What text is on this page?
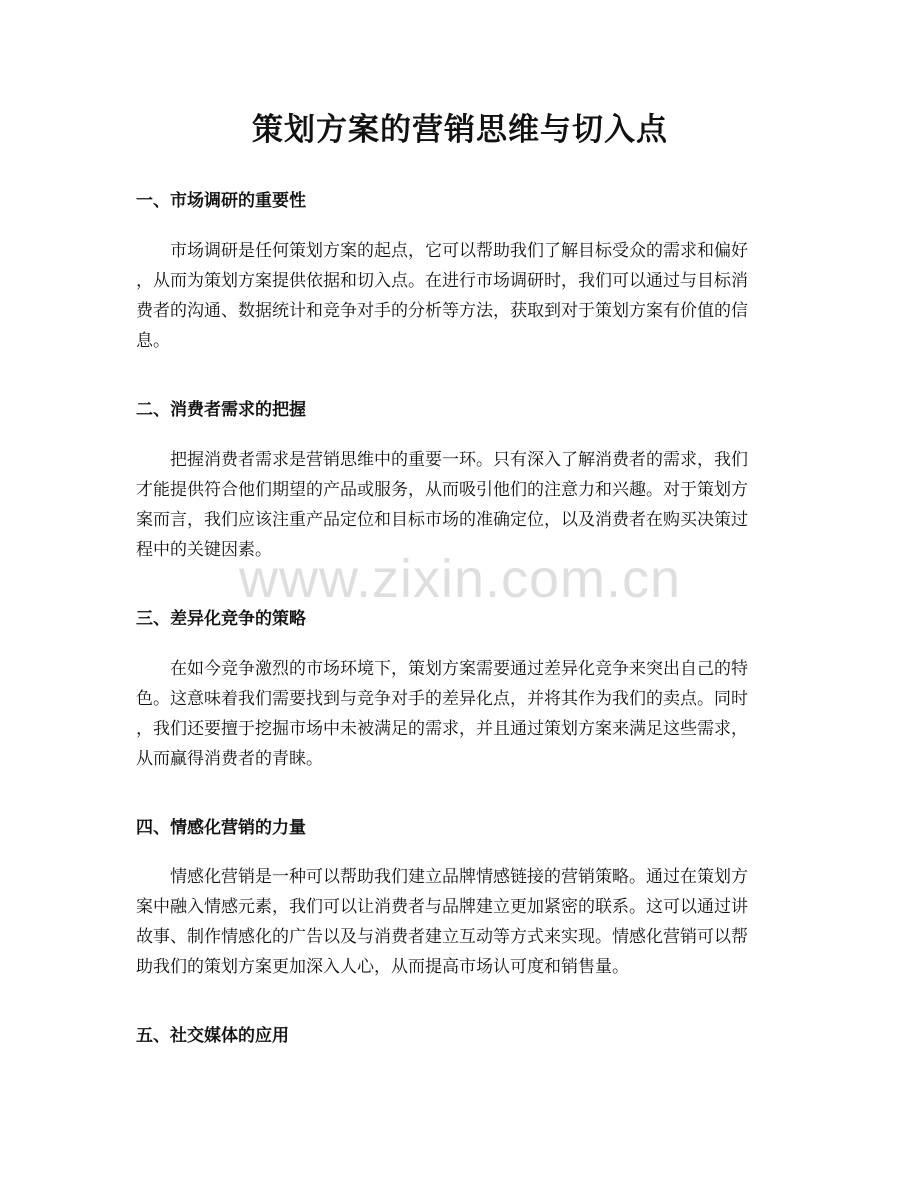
策划方案的营销思维与切入点
一、市场调研的重要性
市场调研是任何策划方案的起点，它可以帮助我们了解目标受众的需求和偏好
，从而为策划方案提供依据和切入点。在进行市场调研时，我们可以通过与目标消
费者的沟通、数据统计和竞争对手的分析等方法，获取到对于策划方案有价值的信
息。
二、消费者需求的把握
把握消费者需求是营销思维中的重要一环。只有深入了解消费者的需求，我们
才能提供符合他们期望的产品或服务，从而吸引他们的注意力和兴趣。对于策划方
案而言，我们应该注重产品定位和目标市场的准确定位，以及消费者在购买决策过
程中的关键因素。
三、差异化竞争的策略
在如今竞争激烈的市场环境下，策划方案需要通过差异化竞争来突出自己的特
色。这意味着我们需要找到与竞争对手的差异化点，并将其作为我们的卖点。同时
，我们还要擅于挖掘市场中未被满足的需求，并且通过策划方案来满足这些需求，
从而赢得消费者的青睐。
四、情感化营销的力量
情感化营销是一种可以帮助我们建立品牌情感链接的营销策略。通过在策划方
案中融入情感元素，我们可以让消费者与品牌建立更加紧密的联系。这可以通过讲
故事、制作情感化的广告以及与消费者建立互动等方式来实现。情感化营销可以帮
助我们的策划方案更加深入人心，从而提高市场认可度和销售量。
五、社交媒体的应用
www.zixin.com.cn
